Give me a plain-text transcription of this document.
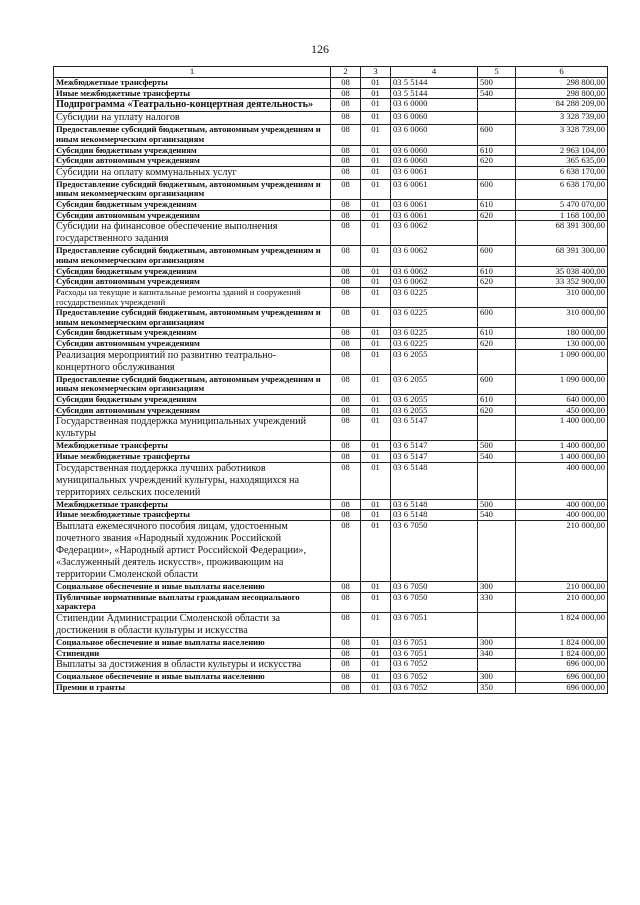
126
1	2	3	4	5	6
Межбюджетные трансферты	08	01	03 5 5144	500	298 800,00
Иные межбюджетные трансферты	08	01	03 5 5144	540	298 800,00
Подпрограмма «Театрально-концертная деятельность»	08	01	03 6 0000		84 288 209,00
Субсидии на уплату налогов	08	01	03 6 0060		3 328 739,00
Предоставление субсидий бюджетным, автономным учреждениям и иным некоммерческим организациям	08	01	03 6 0060	600	3 328 739,00
Субсидии бюджетным учреждениям	08	01	03 6 0060	610	2 963 104,00
Субсидии автономным учреждениям	08	01	03 6 0060	620	365 635,00
Субсидии на оплату коммунальных услуг	08	01	03 6 0061		6 638 170,00
Предоставление субсидий бюджетным, автономным учреждениям и иным некоммерческим организациям	08	01	03 6 0061	600	6 638 170,00
Субсидии бюджетным учреждениям	08	01	03 6 0061	610	5 470 070,00
Субсидии автономным учреждениям	08	01	03 6 0061	620	1 168 100,00
Субсидии на финансовое обеспечение выполнения государственного задания	08	01	03 6 0062		68 391 300,00
Предоставление субсидий бюджетным, автономным учреждениям и иным некоммерческим организациям	08	01	03 6 0062	600	68 391 300,00
Субсидии бюджетным учреждениям	08	01	03 6 0062	610	35 038 400,00
Субсидии автономным учреждениям	08	01	03 6 0062	620	33 352 900,00
Расходы на текущие и капитальные ремонты зданий и сооружений государственных учреждений	08	01	03 6 0225		310 000,00
Предоставление субсидий бюджетным, автономным учреждениям и иным некоммерческим организациям	08	01	03 6 0225	600	310 000,00
Субсидии бюджетным учреждениям	08	01	03 6 0225	610	180 000,00
Субсидии автономным учреждениям	08	01	03 6 0225	620	130 000,00
Реализация мероприятий по развитию театрально-концертного обслуживания	08	01	03 6 2055		1 090 000,00
Предоставление субсидий бюджетным, автономным учреждениям и иным некоммерческим организациям	08	01	03 6 2055	600	1 090 000,00
Субсидии бюджетным учреждениям	08	01	03 6 2055	610	640 000,00
Субсидии автономным учреждениям	08	01	03 6 2055	620	450 000,00
Государственная поддержка муниципальных учреждений культуры	08	01	03 6 5147		1 400 000,00
Межбюджетные трансферты	08	01	03 6 5147	500	1 400 000,00
Иные межбюджетные трансферты	08	01	03 6 5147	540	1 400 000,00
Государственная поддержка лучших работников муниципальных учреждений культуры, находящихся на территориях сельских поселений	08	01	03 6 5148		400 000,00
Межбюджетные трансферты	08	01	03 6 5148	500	400 000,00
Иные межбюджетные трансферты	08	01	03 6 5148	540	400 000,00
Выплата ежемесячного пособия лицам, удостоенным почетного звания «Народный художник Российской Федерации», «Народный артист Российской Федерации», «Заслуженный деятель искусств», проживающим на территории Смоленской области	08	01	03 6 7050		210 000,00
Социальное обеспечение и иные выплаты населению	08	01	03 6 7050	300	210 000,00
Публичные нормативные выплаты гражданам несоциального характера	08	01	03 6 7050	330	210 000,00
Стипендии Администрации Смоленской области за достижения в области культуры и искусства	08	01	03 6 7051		1 824 000,00
Социальное обеспечение и иные выплаты населению	08	01	03 6 7051	300	1 824 000,00
Стипендии	08	01	03 6 7051	340	1 824 000,00
Выплаты за достижения в области культуры и искусства	08	01	03 6 7052		696 000,00
Социальное обеспечение и иные выплаты населению	08	01	03 6 7052	300	696 000,00
Премии и гранты	08	01	03 6 7052	350	696 000,00
